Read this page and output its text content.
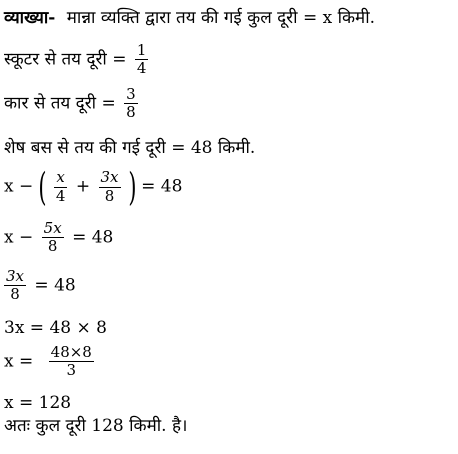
व्याख्या- मान्ना व्यक्ति द्वारा तय की गई कुल दूरी = x किमी.
स्कूटर से तय दूरी = $\frac{1}{4}$
कार से तय दूरी = $\frac{3}{8}$
शेष बस से तय की गई दूरी = 48 किमी.
x − ( $\frac{x}{4} + \frac{3x}{8}$ ) = 48
$x - \frac{5x}{8} = 48$
$\frac{3x}{8} = 48$
3x = 48 × 8
$x = \frac{48\times 8}{3}$
x = 128
अतः कुल दूरी 128 किमी. है।
